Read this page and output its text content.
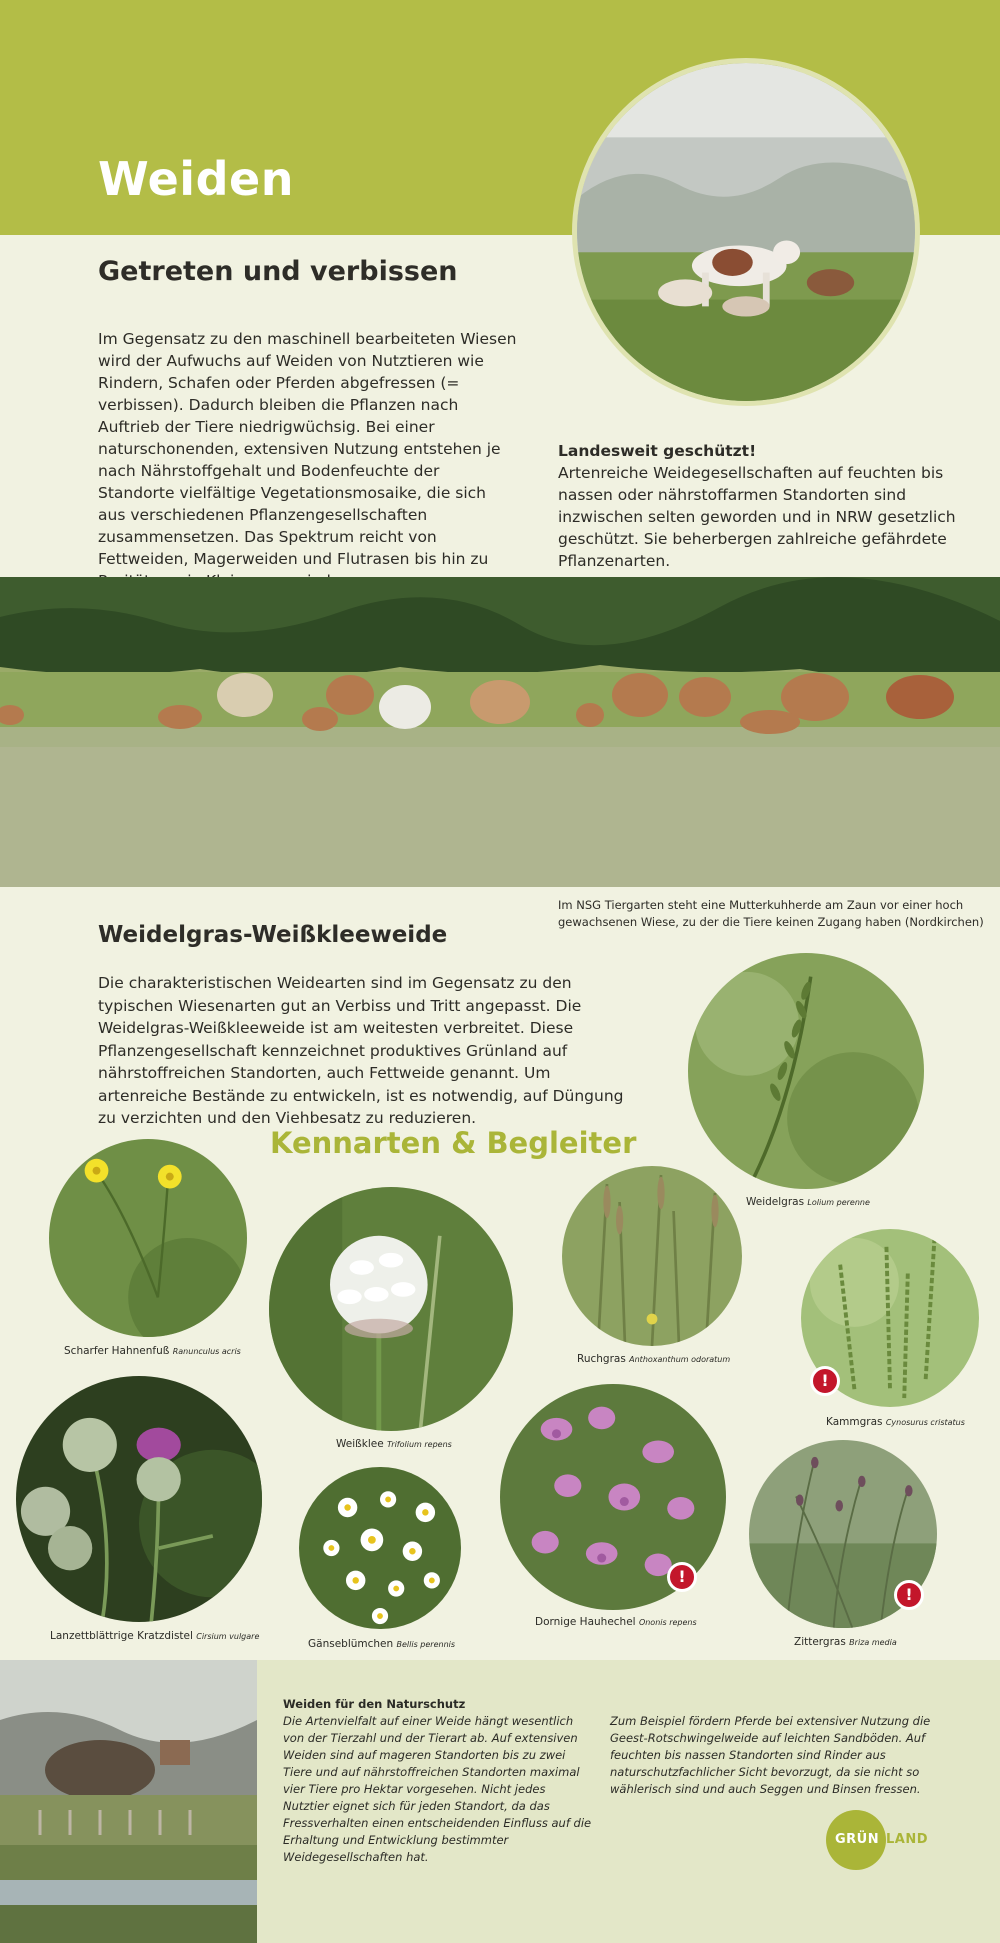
Weiden
Getreten und verbissen

Im Gegensatz zu den maschinell bearbeiteten Wiesen wird der Aufwuchs auf Weiden von Nutztieren wie Rindern, Schafen oder Pferden abgefressen (= verbissen). Dadurch bleiben die Pflanzen nach Auftrieb der Tiere niedrigwüchsig. Bei einer naturschonenden, extensiven Nutzung entstehen je nach Nährstoffgehalt und Bodenfeuchte der Standorte vielfältige Vegetationsmosaike, die sich aus verschiedenen Pflanzengesellschaften zusammensetzen. Das Spektrum reicht von Fettweiden, Magerweiden und Flutrasen bis hin zu

Landesweit geschützt!
Artenreiche Weidegesellschaften auf feuchten bis nassen oder nährstoffarmen Standorten sind inzwischen selten geworden und in NRW gesetzlich geschützt. Sie beherbergen zahlreiche gefährdete Pflanzenarten.
Im NSG Tiergarten steht eine Mutterkuhherde am Zaun vor einer hoch gewachsenen Wiese, zu der die Tiere keinen Zugang haben (Nordkirchen)
Weidelgras-Weißkleeweide

Die charakteristischen Weidearten sind im Gegensatz zu den typischen Wiesenarten gut an Verbiss und Tritt angepasst. Die Weidelgras-Weißkleeweide ist am weitesten verbreitet. Diese Pflanzengesellschaft kennzeichnet produktives Grünland auf nährstoffreichen Standorten, auch Fettweide genannt. Um artenreiche Bestände zu entwickeln, ist es notwendig, auf Düngung zu verzichten und den Viehbesatz zu reduzieren.

Kennarten & Begleiter
Weidelgras Lolium perenne
Scharfer Hahnenfuß Ranunculus acris
Weißklee Trifolium repens
Ruchgras Anthoxanthum odoratum
!
Kammgras Cynosurus cristatus
Lanzettblättrige Kratzdistel Cirsium vulgare
Gänseblümchen Bellis perennis
!
Dornige Hauhechel Ononis repens
!
Zittergras Briza media
Weiden für den Naturschutz

Die Artenvielfalt auf einer Weide hängt wesentlich von der Tierzahl und der Tierart ab. Auf extensiven Weiden sind auf mageren Standorten bis zu zwei Tiere und auf nährstoffreichen Standorten maximal vier Tiere pro Hektar vorgesehen. Nicht jedes Nutztier eignet sich für jeden Standort, da das Fressverhalten einen entscheidenden Einfluss auf die Erhaltung und Entwicklung bestimmter Weidegesellschaften hat.

Zum Beispiel fördern Pferde bei extensiver Nutzung die Geest-Rotschwingelweide auf leichten Sandböden. Auf feuchten bis nassen Standorten sind Rinder aus naturschutzfachlicher Sicht bevorzugt, da sie nicht so wählerisch sind und auch Seggen und Binsen fressen.

GRÜN LAND
